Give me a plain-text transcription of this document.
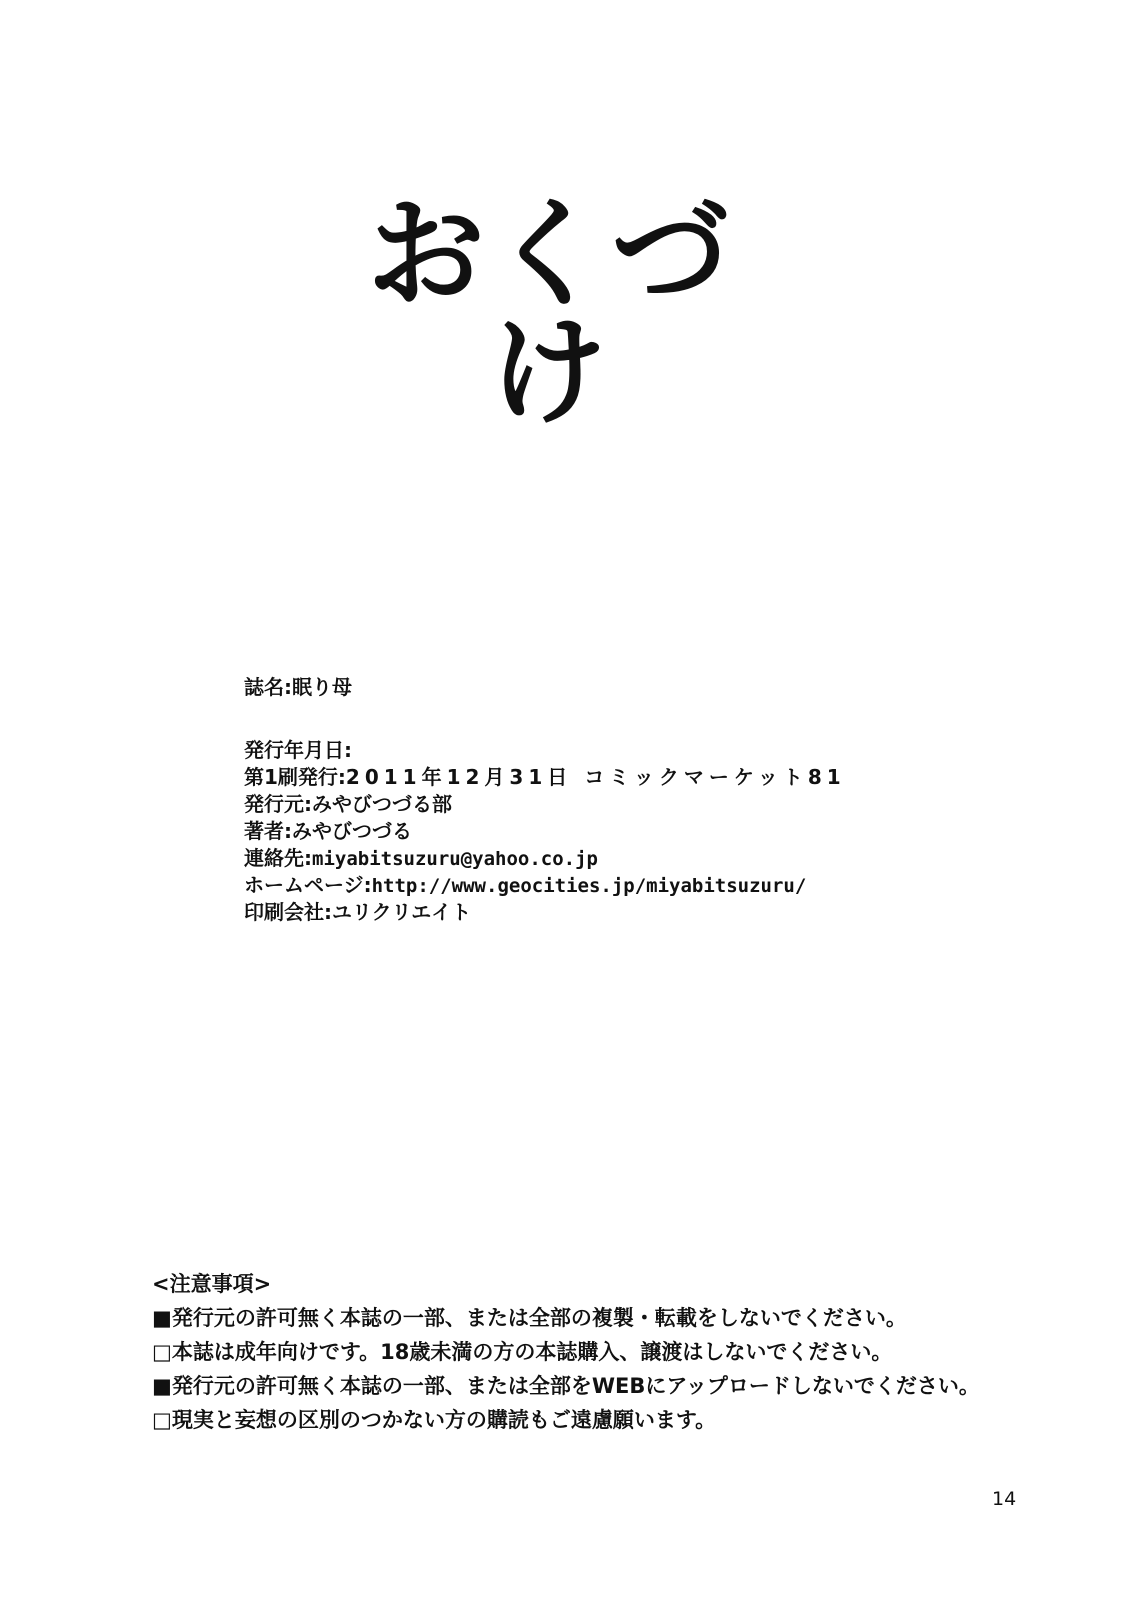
おくづけ
誌名:眠り母
発行年月日:
第1刷発行:2011年12月31日 コミックマーケット81
発行元:みやびつづる部
著者:みやびつづる
連絡先:miyabitsuzuru@yahoo.co.jp
ホームページ:http://www.geocities.jp/miyabitsuzuru/
印刷会社:ユリクリエイト
<注意事項>
■発行元の許可無く本誌の一部、または全部の複製・転載をしないでください。
□本誌は成年向けです。18歳未満の方の本誌購入、譲渡はしないでください。
■発行元の許可無く本誌の一部、または全部をWEBにアップロードしないでください。
□現実と妄想の区別のつかない方の購読もご遠慮願います。
14
